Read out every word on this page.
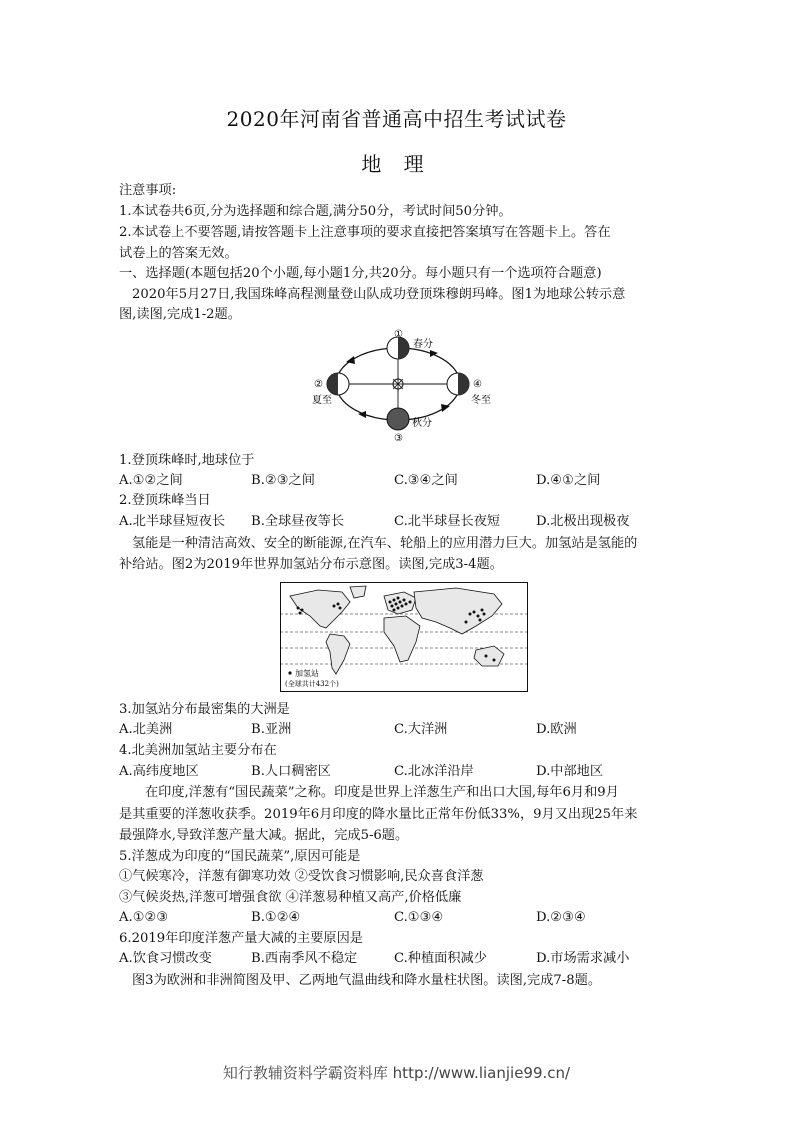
2020年河南省普通高中招生考试试卷
地 理
注意事项:
1.本试卷共6页,分为选择题和综合题,满分50分，考试时间50分钟。
2.本试卷上不要答题,请按答题卡上注意事项的要求直接把答案填写在答题卡上。答在
试卷上的答案无效。
一、选择题(本题包括20个小题,每小题1分,共20分。每小题只有一个选项符合题意)
2020年5月27日,我国珠峰高程测量登山队成功登顶珠穆朗玛峰。图1为地球公转示意
图,读图,完成1-2题。
①
②
③
④
春分
夏至
秋分
冬至
1.登顶珠峰时,地球位于
A.①②之间	B.②③之间	C.③④之间	D.④①之间
2.登顶珠峰当日
A.北半球昼短夜长 B.全球昼夜等长	C.北半球昼长夜短	D.北极出现极夜
氢能是一种清洁高效、安全的断能源,在汽车、轮船上的应用潜力巨大。加氢站是氢能的
补给站。图2为2019年世界加氢站分布示意图。读图,完成3-4题。
加氢站
(全球共计432个)
3.加氢站分布最密集的大洲是
A.北美洲	B.亚洲	C.大洋洲	D.欧洲
4.北美洲加氢站主要分布在
A.高纬度地区	B.人口稠密区	C.北冰洋沿岸	D.中部地区
在印度,洋葱有“国民蔬菜”之称。印度是世界上洋葱生产和出口大国,每年6月和9月
是其重要的洋葱收获季。2019年6月印度的降水量比正常年份低33%，9月又出现25年来
最强降水,导致洋葱产量大减。据此，完成5-6题。
5.洋葱成为印度的“国民蔬菜”,原因可能是
①气候寒冷，洋葱有御寒功效 ②受饮食习惯影响,民众喜食洋葱
③气候炎热,洋葱可增强食欲 ④洋葱易种植又高产,价格低廉
A.①②③	B.①②④	C.①③④	D.②③④
6.2019年印度洋葱产量大减的主要原因是
A.饮食习惯改变	B.西南季风不稳定	C.种植面积减少	D.市场需求减小
图3为欧洲和非洲简图及甲、乙两地气温曲线和降水量柱状图。读图,完成7-8题。
知行教辅资料学霸资料库 http://www.lianjie99.cn/
